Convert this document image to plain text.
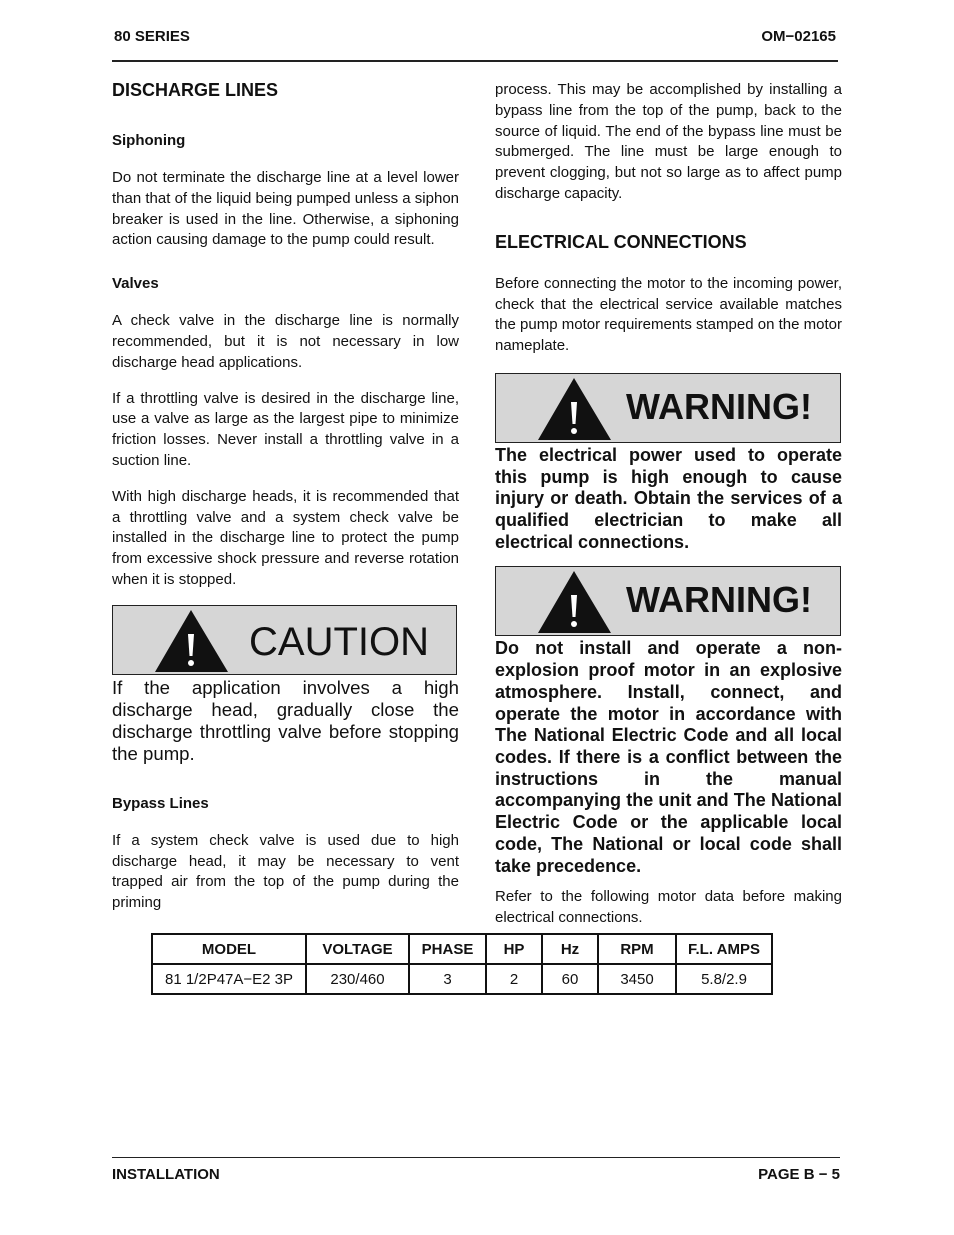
80 SERIES	OM−02165
DISCHARGE LINES
Siphoning

Do not terminate the discharge line at a level lower than that of the liquid being pumped unless a siphon breaker is used in the line. Otherwise, a siphoning action causing damage to the pump could result.

Valves

A check valve in the discharge line is normally recommended, but it is not necessary in low discharge head applications.

If a throttling valve is desired in the discharge line, use a valve as large as the largest pipe to minimize friction losses. Never install a throttling valve in a suction line.

With high discharge heads, it is recommended that a throttling valve and a system check valve be installed in the discharge line to protect the pump from excessive shock pressure and reverse rotation when it is stopped.

CAUTION

If the application involves a high discharge head, gradually close the discharge throttling valve before stopping the pump.

Bypass Lines

If a system check valve is used due to high discharge head, it may be necessary to vent trapped air from the top of the pump during the priming

process. This may be accomplished by installing a bypass line from the top of the pump, back to the source of liquid. The end of the bypass line must be submerged. The line must be large enough to prevent clogging, but not so large as to affect pump discharge capacity.

ELECTRICAL CONNECTIONS

Before connecting the motor to the incoming power, check that the electrical service available matches the pump motor requirements stamped on the motor nameplate.

WARNING!

The electrical power used to operate this pump is high enough to cause injury or death. Obtain the services of a qualified electrician to make all electrical connections.

WARNING!

Do not install and operate a non-explosion proof motor in an explosive atmosphere. Install, connect, and operate the motor in accordance with The National Electric Code and all local codes. If there is a conflict between the instructions in the manual accompanying the unit and The National Electric Code or the applicable local code, The National or local code shall take precedence.

Refer to the following motor data before making electrical connections.

MODEL	VOLTAGE	PHASE	HP	Hz	RPM	F.L. AMPS
81 1/2P47A−E2 3P	230/460	3	2	60	3450	5.8/2.9
INSTALLATION	PAGE B − 5
